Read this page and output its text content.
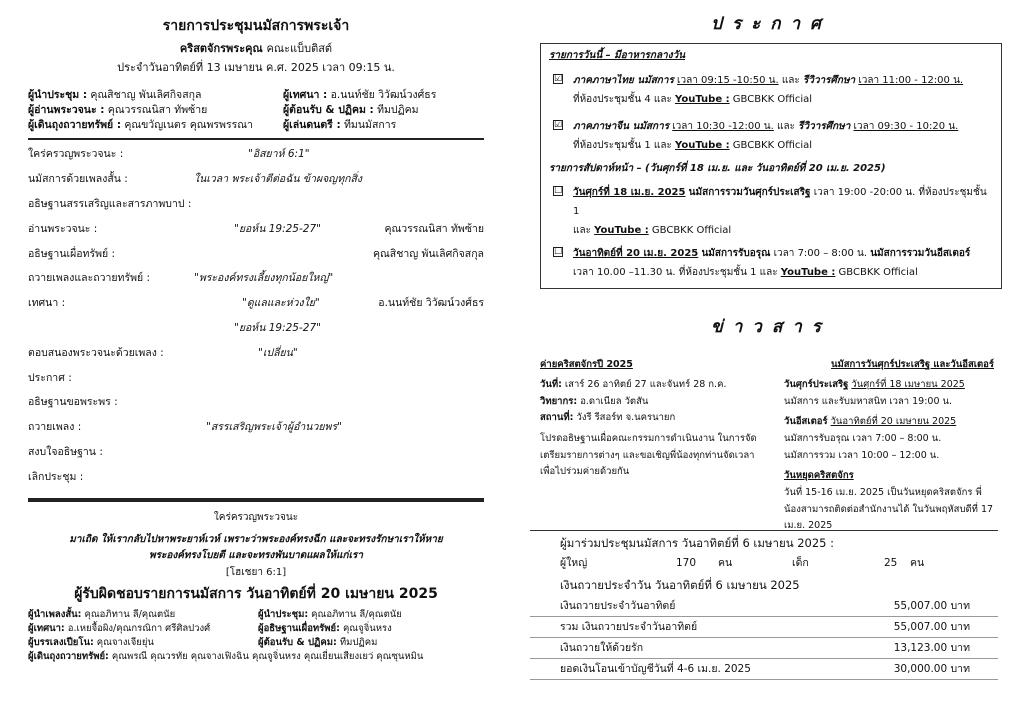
รายการประชุมนมัสการพระเจ้า
คริสตจักรพระคุณ คณะแบ็บติสต์
ประจำวันอาทิตย์ที่ 13 เมษายน ค.ศ. 2025 เวลา 09:15 น.
ผู้นำประชุม : คุณสิชาญ พันเลิศกิจสกุล	ผู้เทศนา : อ.นนท์ชัย วิวัฒน์วงศ์ธร
ผู้อ่านพระวจนะ : คุณวรรณนิสา ทัพซ้าย	ผู้ต้อนรับ & ปฏิคม : ทีมปฏิคม
ผู้เดินถุงถวายทรัพย์ : คุณขวัญเนตร คุณพรพรรณา	ผู้เล่นดนตรี : ทีมนมัสการ
ใคร่ครวญพระวจนะ :	"อิสยาห์ 6:1"
นมัสการด้วยเพลงสั้น :	ในเวลา พระเจ้าตีต่อฉัน ข้าผจญทุกสิ่ง
อธิษฐานสรรเสริญและสารภาพบาป :
อ่านพระวจนะ :	"ยอห์น 19:25-27"	คุณวรรณนิสา ทัพซ้าย
อธิษฐานเผื่อทรัพย์ :	คุณสิชาญ พันเลิศกิจสกุล
ถวายเพลงและถวายทรัพย์ :	"พระองค์ทรงเลี้ยงทุกน้อยใหญ่"
เทศนา :	"ดูแลและห่วงใย"	อ.นนท์ชัย วิวัฒน์วงศ์ธร
"ยอห์น 19:25-27"
ตอบสนองพระวจนะด้วยเพลง :	"เปลี่ยน"
ประกาศ :
อธิษฐานขอพระพร :
ถวายเพลง :	"สรรเสริญพระเจ้าผู้อำนวยพร"
สงบใจอธิษฐาน :
เลิกประชุม :
ใคร่ครวญพระวจนะ
มาเถิด ให้เรากลับไปหาพระยาห์เวห์ เพราะว่าพระองค์ทรงฉีก และจะทรงรักษาเราให้หาย
พระองค์ทรงโบยตี และจะทรงพันบาดแผลให้แก่เรา
[โฮเชยา 6:1]
ผู้รับผิดชอบรายการนมัสการ วันอาทิตย์ที่ 20 เมษายน 2025
ผู้นำเพลงสั้น: คุณอภิทาน ลี/คุณตนัย	ผู้นำประชุม: คุณอภิทาน ลี/คุณตนัย
ผู้เทศนา: อ.เหยจื้อผิง/คุณกรณิกา ศรีศิลปวงศ์	ผู้อธิษฐานเผื่อทรัพย์: คุณจูจิ่นหรง
ผู้บรรเลงเปียโน: คุณจางเจียยุ่น	ผู้ต้อนรับ & ปฏิคม: ทีมปฏิคม
ผู้เดินถุงถวายทรัพย์: คุณพรณี คุณวรทัย คุณจางเฟิงฉิน คุณจูจิ่นหรง คุณเยี่ยนเสียงเยว่ คุณซุนหมิน
ประกาศ
รายการวันนี้ – มีอาหารกลางวัน
☑ ภาคภาษาไทย นมัสการ เวลา 09:15 -10:50 น. และ รีวิวารศึกษา เวลา 11:00 - 12:00 น.
ที่ห้องประชุมชั้น 4 และ YouTube : GBCBKK Official
☑ ภาคภาษาจีน นมัสการ เวลา 10:30 -12:00 น. และ รีวิวารศึกษา เวลา 09:30 - 10:20 น.
ที่ห้องประชุมชั้น 1 และ YouTube : GBCBKK Official
รายการสัปดาห์หน้า – (วันศุกร์ที่ 18 เม.ย. และ วันอาทิตย์ที่ 20 เม.ย. 2025)
☐ วันศุกร์ที่ 18 เม.ย. 2025 นมัสการรวมวันศุกร์ประเสริฐ เวลา 19:00 -20:00 น. ที่ห้องประชุมชั้น 1
และ YouTube : GBCBKK Official
☐ วันอาทิตย์ที่ 20 เม.ย. 2025 นมัสการรับอรุณ เวลา 7:00 – 8:00 น. นมัสการรวมวันอีสเตอร์
เวลา 10.00 –11.30 น. ที่ห้องประชุมชั้น 1 และ YouTube : GBCBKK Official
ข่าวสาร
ค่ายคริสตจักรปี 2025
วันที่: เสาร์ 26 อาทิตย์ 27 และจันทร์ 28 ก.ค.
วิทยากร: อ.ดาเนียล วัตสัน
สถานที่: วังรี รีสอร์ท จ.นครนายก
โปรดอธิษฐานเผื่อคณะกรรมการดำเนินงาน ในการจัดเตรียมรายการต่างๆ และขอเชิญพี่น้องทุกท่านจัดเวลา เพื่อไปร่วมค่ายด้วยกัน
นมัสการวันศุกร์ประเสริฐ และวันอีสเตอร์
วันศุกร์ประเสริฐ วันศุกร์ที่ 18 เมษายน 2025
นมัสการ และรับมหาสนิท เวลา 19:00 น.
วันอีสเตอร์ วันอาทิตย์ที่ 20 เมษายน 2025
นมัสการรับอรุณ เวลา 7:00 – 8:00 น.
นมัสการรวม เวลา 10:00 – 12:00 น.
วันหยุดคริสตจักร
วันที่ 15-16 เม.ย. 2025 เป็นวันหยุดคริสตจักร พี่น้องสามารถติดต่อสำนักงานได้ ในวันพฤหัสบดีที่ 17 เม.ย. 2025
ผู้มาร่วมประชุมนมัสการ วันอาทิตย์ที่ 6 เมษายน 2025 :
ผู้ใหญ่	170 คน	เด็ก	25 คน
เงินถวายประจำวัน วันอาทิตย์ที่ 6 เมษายน 2025
เงินถวายประจำวันอาทิตย์	55,007.00 บาท
รวม เงินถวายประจำวันอาทิตย์	55,007.00 บาท
เงินถวายให้ด้วยรัก	13,123.00 บาท
ยอดเงินโอนเข้าบัญชีวันที่ 4-6 เม.ย. 2025	30,000.00 บาท
